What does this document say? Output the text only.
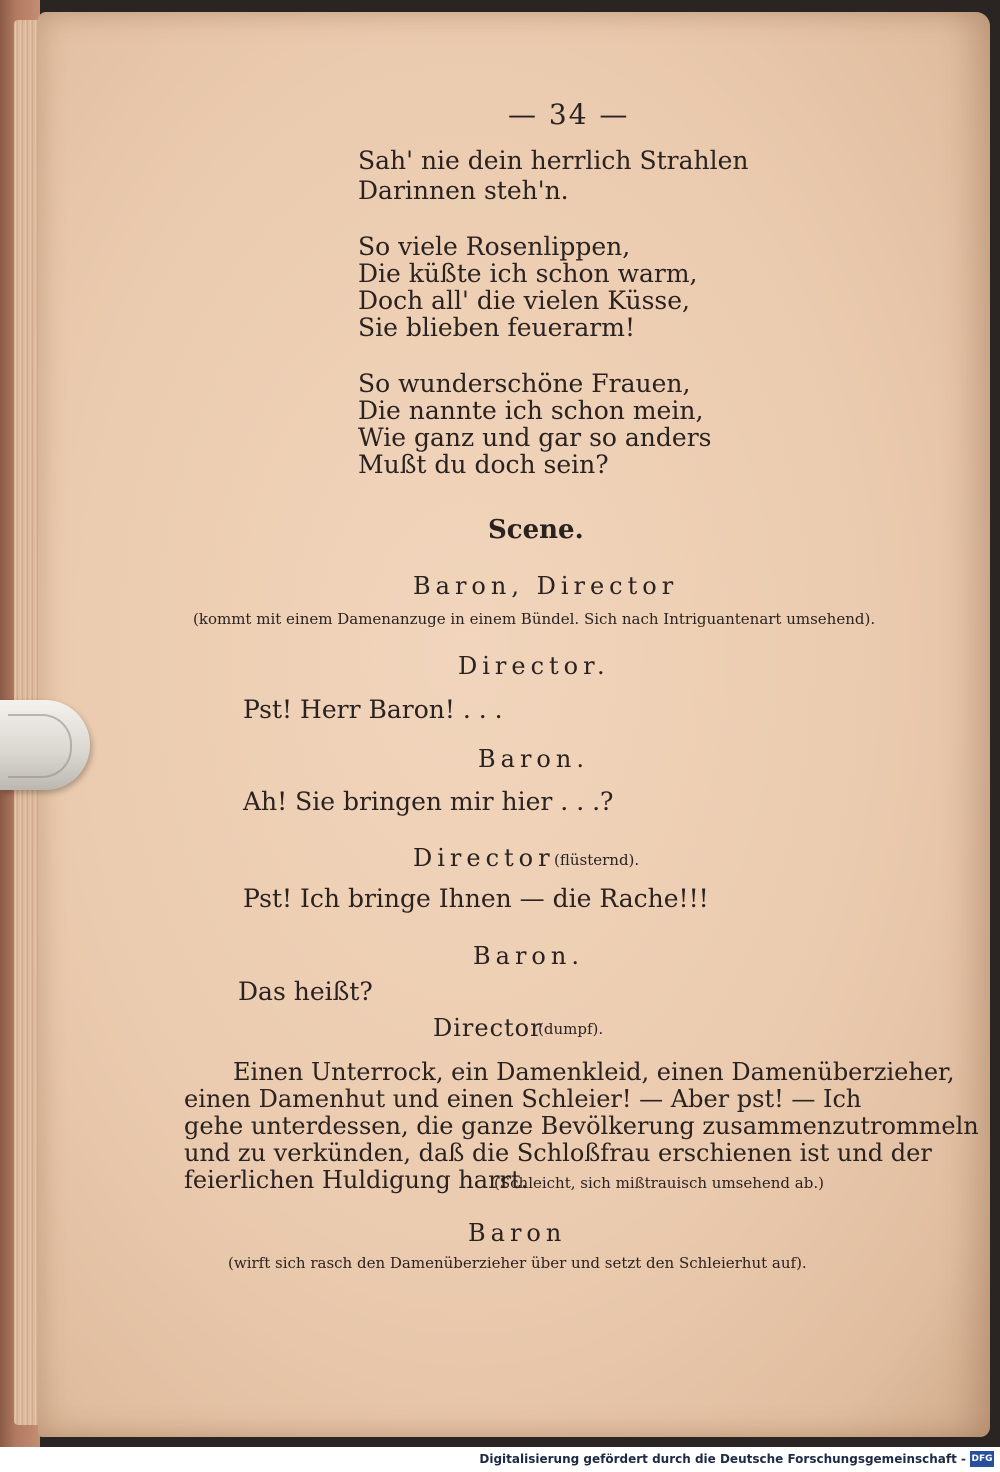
— 34 —
Sah' nie dein herrlich Strahlen
Darinnen steh'n.
So viele Rosenlippen,
Die küßte ich schon warm,
Doch all' die vielen Küsse,
Sie blieben feuerarm!
So wunderschöne Frauen,
Die nannte ich schon mein,
Wie ganz und gar so anders
Mußt du doch sein?
Scene.
Baron, Director
(kommt mit einem Damenanzuge in einem Bündel. Sich nach Intriguantenart umsehend).
Director.
Pst! Herr Baron! . . .
Baron.
Ah! Sie bringen mir hier . . .?
Director (flüsternd).
Pst! Ich bringe Ihnen — die Rache!!!
Baron.
Das heißt?
Director
(dumpf).
Einen Unterrock, ein Damenkleid, einen Damenüberzieher,
einen Damenhut und einen Schleier! — Aber pst! — Ich
gehe unterdessen, die ganze Bevölkerung zusammenzutrommeln
und zu verkünden, daß die Schloßfrau erschienen ist und der
feierlichen Huldigung harrt.
(Schleicht, sich mißtrauisch umsehend ab.)
Baron
(wirft sich rasch den Damenüberzieher über und setzt den Schleierhut auf).
Digitalisierung gefördert durch die Deutsche Forschungsgemeinschaft - DFG
